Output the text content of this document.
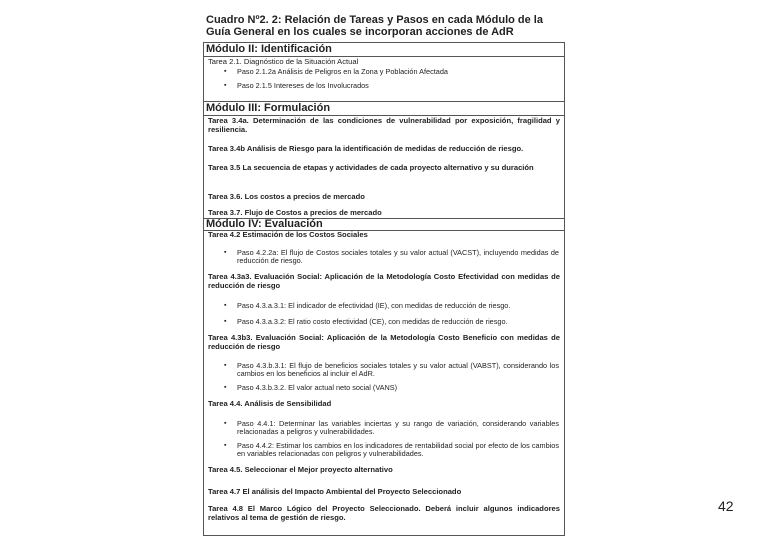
Cuadro Nº2. 2: Relación de Tareas y Pasos en cada Módulo de la Guía General en los cuales se incorporan acciones de AdR
Módulo II: Identificación
Tarea 2.1. Diagnóstico de la Situación Actual
▪ Paso 2.1.2a Análisis de Peligros en la Zona y Población Afectada
▪ Paso 2.1.5 Intereses de los Involucrados
Módulo III: Formulación
Tarea 3.4a. Determinación de las condiciones de vulnerabilidad por exposición, fragilidad y resiliencia.
Tarea 3.4b Análisis de Riesgo para la identificación de medidas de reducción de riesgo.
Tarea 3.5 La secuencia de etapas y actividades de cada proyecto alternativo y su duración
Tarea 3.6. Los costos a precios de mercado
Tarea 3.7. Flujo de Costos a precios de mercado
Módulo IV: Evaluación
Tarea 4.2 Estimación de los Costos Sociales
▪ Paso 4.2.2a: El flujo de Costos sociales totales y su valor actual (VACST), incluyendo medidas de reducción de riesgo.
Tarea 4.3a3. Evaluación Social: Aplicación de la Metodología Costo Efectividad con medidas de reducción de riesgo
▪ Paso 4.3.a.3.1: El indicador de efectividad (IE), con medidas de reducción de riesgo.
▪ Paso 4.3.a.3.2: El ratio costo efectividad (CE), con medidas de reducción de riesgo.
Tarea 4.3b3. Evaluación Social: Aplicación de la Metodología Costo Beneficio con medidas de reducción de riesgo
▪ Paso 4.3.b.3.1: El flujo de beneficios sociales totales y su valor actual (VABST), considerando los cambios en los beneficios al incluir el AdR.
▪ Paso 4.3.b.3.2. El valor actual neto social (VANS)
Tarea 4.4. Análisis de Sensibilidad
▪ Paso 4.4.1: Determinar las variables inciertas y su rango de variación, considerando variables relacionadas a peligros y vulnerabilidades.
▪ Paso 4.4.2: Estimar los cambios en los indicadores de rentabilidad social por efecto de los cambios en variables relacionadas con peligros y vulnerabilidades.
Tarea 4.5. Seleccionar el Mejor proyecto alternativo
Tarea 4.7 El análisis del Impacto Ambiental del Proyecto Seleccionado
Tarea 4.8 El Marco Lógico del Proyecto Seleccionado. Deberá incluir algunos indicadores relativos al tema de gestión de riesgo.
42
